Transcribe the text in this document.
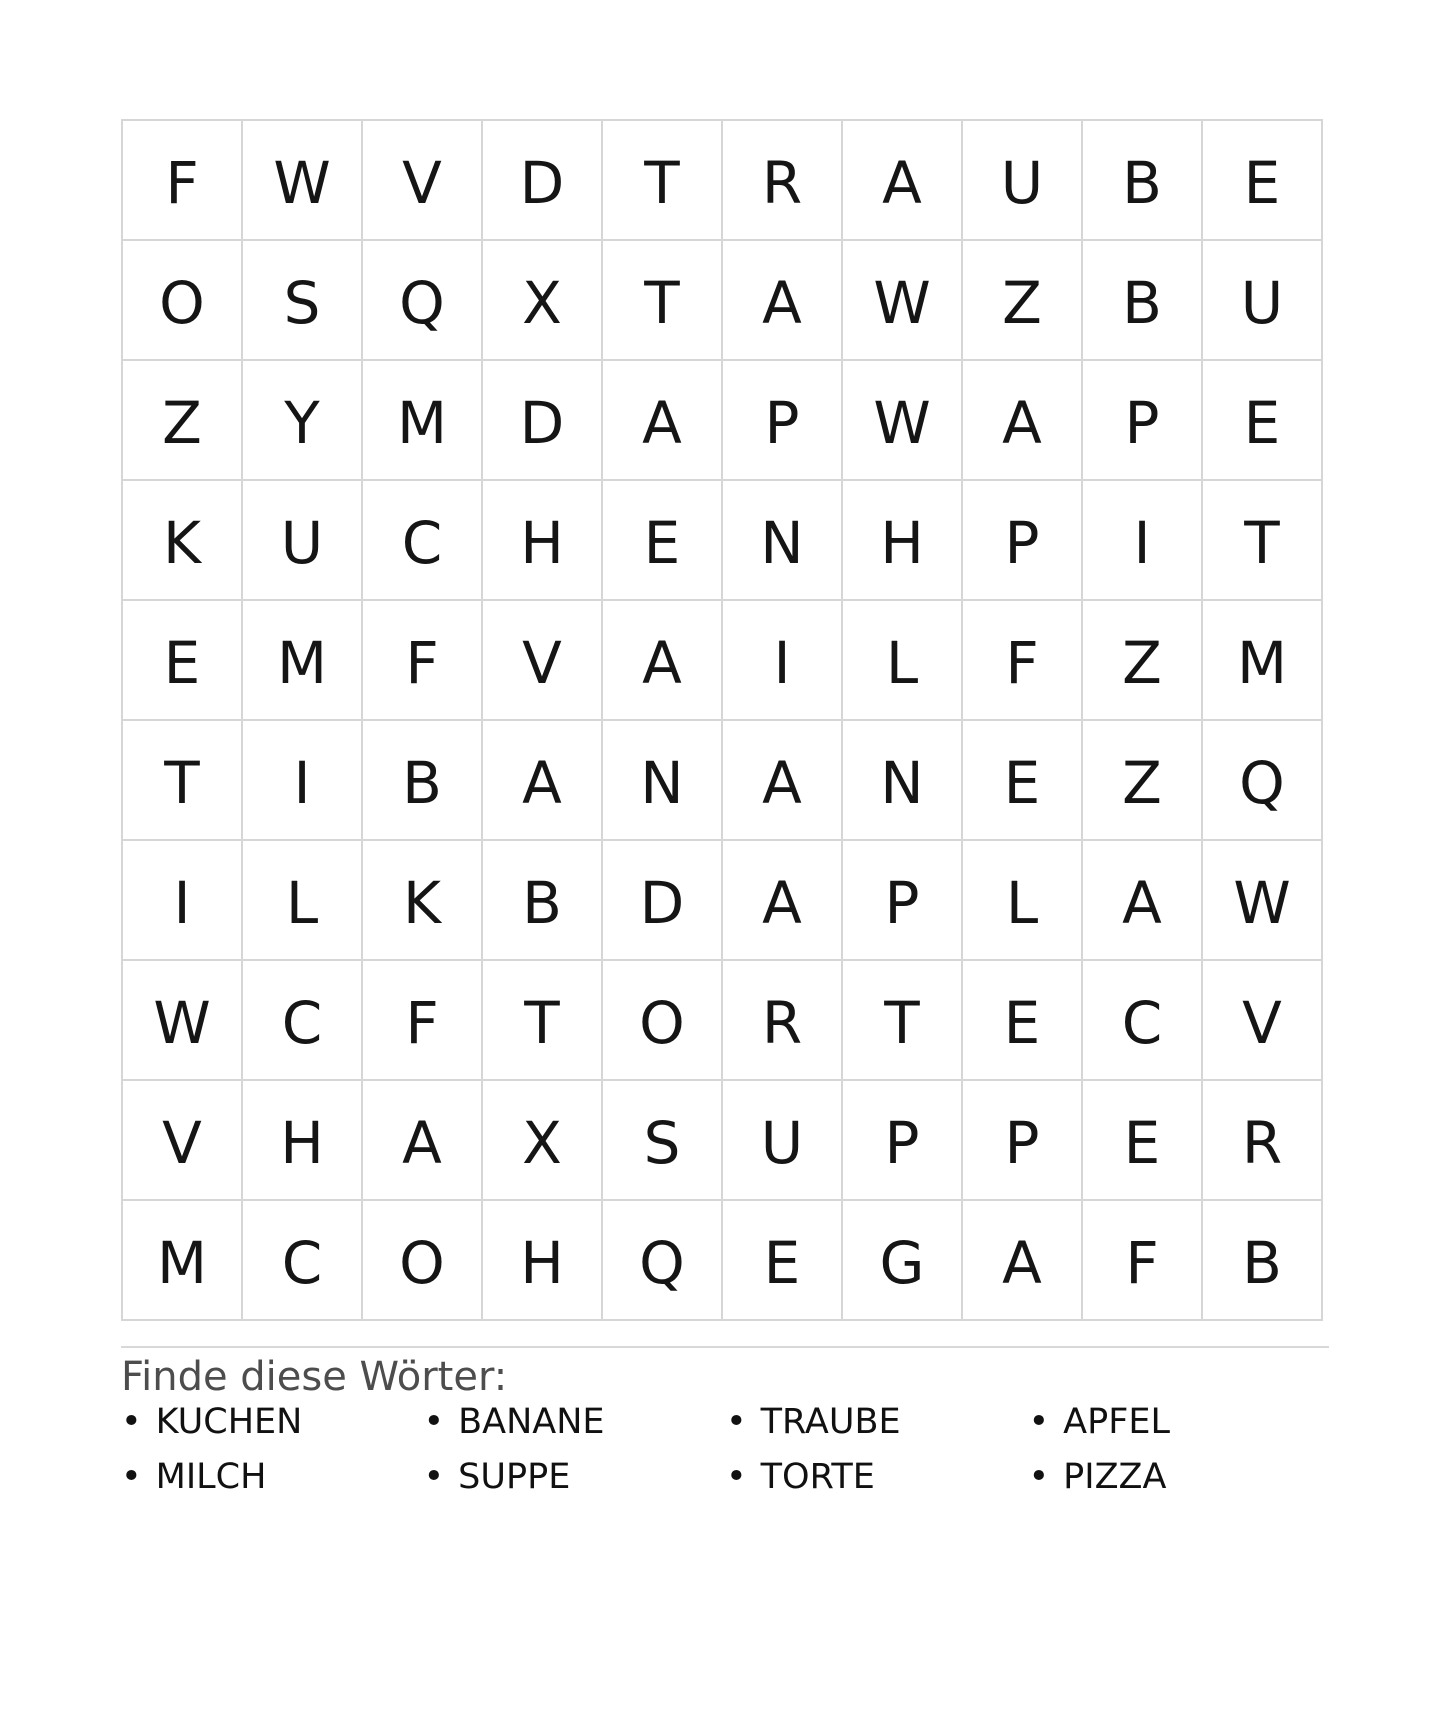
F	W	V	D	T	R	A	U	B	E
O	S	Q	X	T	A	W	Z	B	U
Z	Y	M	D	A	P	W	A	P	E
K	U	C	H	E	N	H	P	I	T
E	M	F	V	A	I	L	F	Z	M
T	I	B	A	N	A	N	E	Z	Q
I	L	K	B	D	A	P	L	A	W
W	C	F	T	O	R	T	E	C	V
V	H	A	X	S	U	P	P	E	R
M	C	O	H	Q	E	G	A	F	B
Finde diese Wörter:
• KUCHEN	• BANANE	• TRAUBE	• APFEL
• MILCH	• SUPPE	• TORTE	• PIZZA
